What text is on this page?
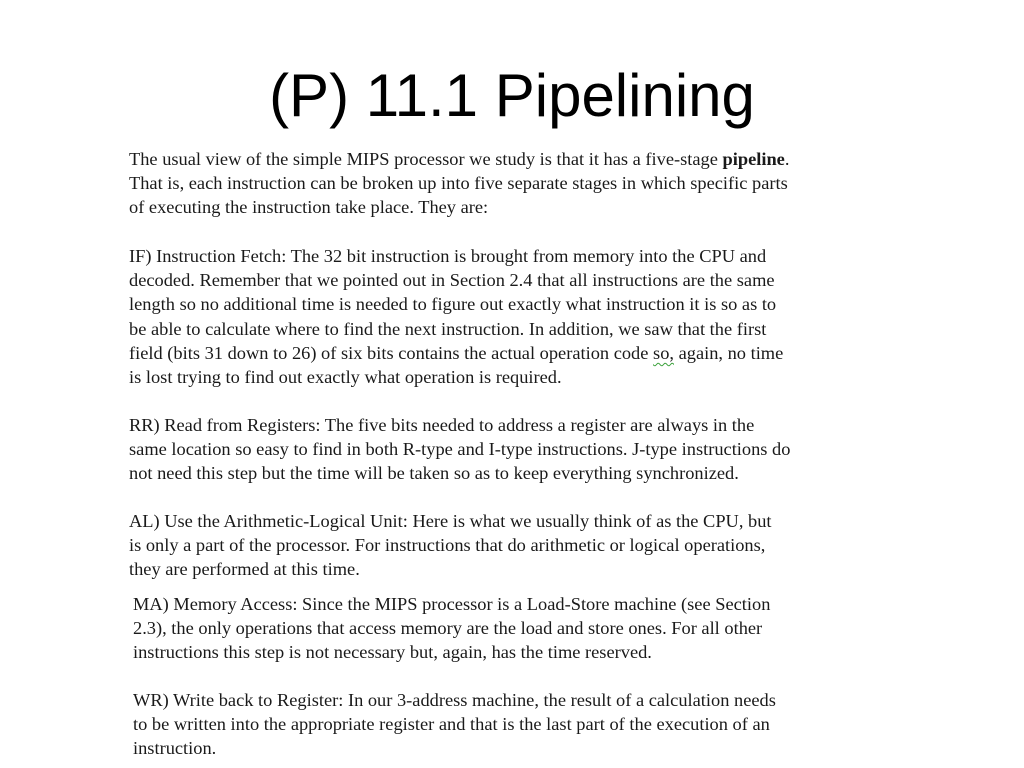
(P) 11.1 Pipelining

The usual view of the simple MIPS processor we study is that it has a five-stage pipeline.
That is, each instruction can be broken up into five separate stages in which specific parts
of executing the instruction take place. They are:

IF) Instruction Fetch: The 32 bit instruction is brought from memory into the CPU and
decoded. Remember that we pointed out in Section 2.4 that all instructions are the same
length so no additional time is needed to figure out exactly what instruction it is so as to
be able to calculate where to find the next instruction. In addition, we saw that the first
field (bits 31 down to 26) of six bits contains the actual operation code so, again, no time
is lost trying to find out exactly what operation is required.

RR) Read from Registers: The five bits needed to address a register are always in the
same location so easy to find in both R-type and I-type instructions. J-type instructions do
not need this step but the time will be taken so as to keep everything synchronized.

AL) Use the Arithmetic-Logical Unit: Here is what we usually think of as the CPU, but
is only a part of the processor. For instructions that do arithmetic or logical operations,
they are performed at this time.

MA) Memory Access: Since the MIPS processor is a Load-Store machine (see Section
2.3), the only operations that access memory are the load and store ones. For all other
instructions this step is not necessary but, again, has the time reserved.

WR) Write back to Register: In our 3-address machine, the result of a calculation needs
to be written into the appropriate register and that is the last part of the execution of an
instruction.
